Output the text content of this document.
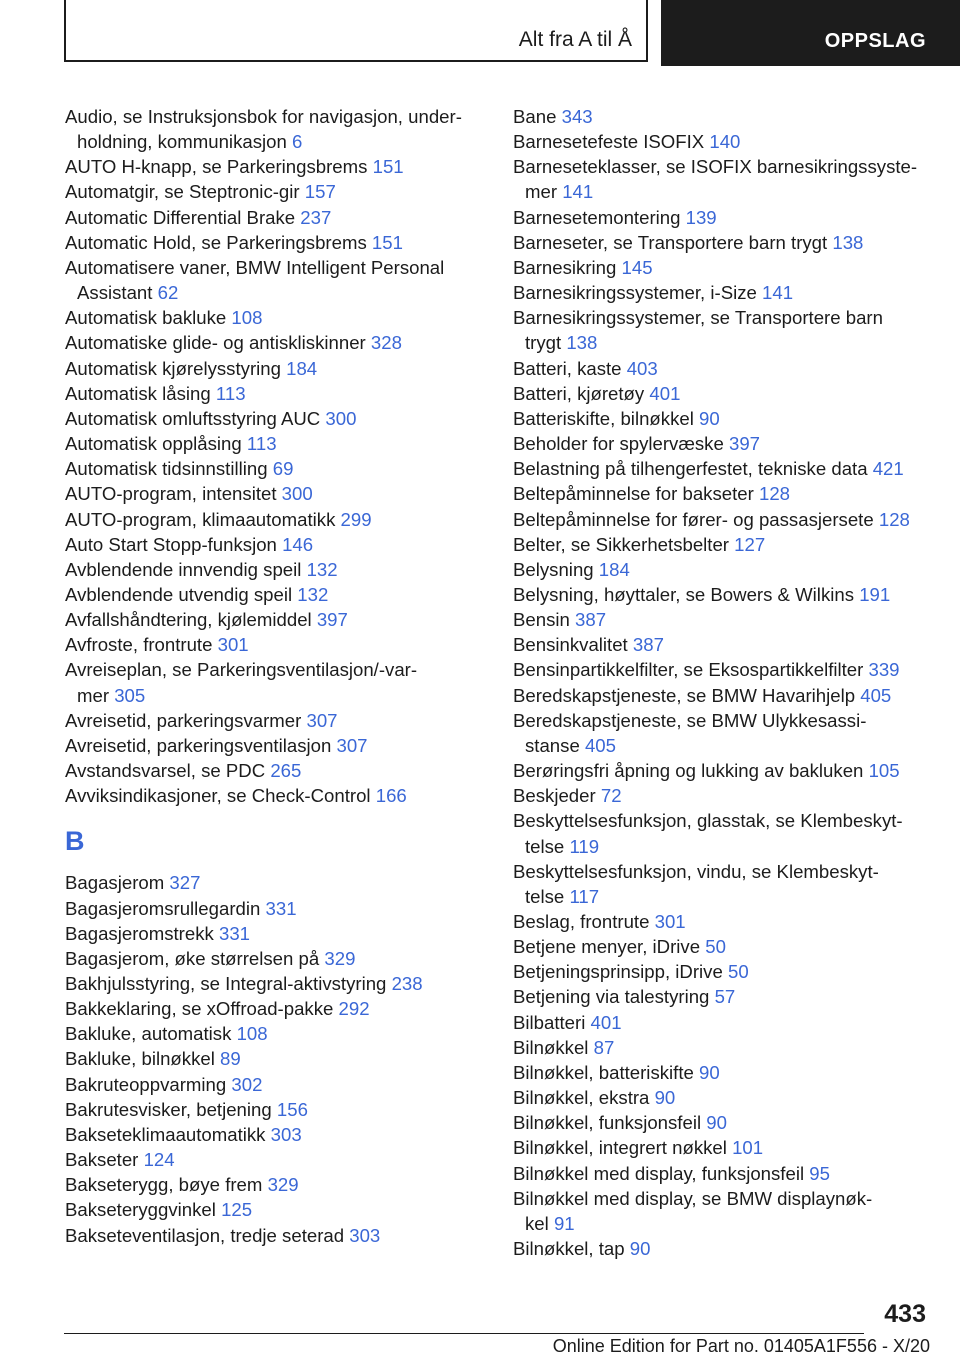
Alt fra A til Å	OPPSLAG
Audio, se Instruksjonsbok for navigasjon, under-
holdning, kommunikasjon 6
AUTO H-knapp, se Parkeringsbrems 151
Automatgir, se Steptronic-gir 157
Automatic Differential Brake 237
Automatic Hold, se Parkeringsbrems 151
Automatisere vaner, BMW Intelligent Personal
Assistant 62
Automatisk bakluke 108
Automatiske glide- og antiskliskinner 328
Automatisk kjørelysstyring 184
Automatisk låsing 113
Automatisk omluftsstyring AUC 300
Automatisk opplåsing 113
Automatisk tidsinnstilling 69
AUTO-program, intensitet 300
AUTO-program, klimaautomatikk 299
Auto Start Stopp-funksjon 146
Avblendende innvendig speil 132
Avblendende utvendig speil 132
Avfallshåndtering, kjølemiddel 397
Avfroste, frontrute 301
Avreiseplan, se Parkeringsventilasjon/-var-
mer 305
Avreisetid, parkeringsvarmer 307
Avreisetid, parkeringsventilasjon 307
Avstandsvarsel, se PDC 265
Avviksindikasjoner, se Check-Control 166
B
Bagasjerom 327
Bagasjeromsrullegardin 331
Bagasjeromstrekk 331
Bagasjerom, øke størrelsen på 329
Bakhjulsstyring, se Integral-aktivstyring 238
Bakkeklaring, se xOffroad-pakke 292
Bakluke, automatisk 108
Bakluke, bilnøkkel 89
Bakruteoppvarming 302
Bakrutesvisker, betjening 156
Bakseteklimaautomatikk 303
Bakseter 124
Bakseterygg, bøye frem 329
Bakseteryggvinkel 125
Bakseteventilasjon, tredje seterad 303
Bane 343
Barnesetefeste ISOFIX 140
Barneseteklasser, se ISOFIX barnesikringssyste-
mer 141
Barnesetemontering 139
Barneseter, se Transportere barn trygt 138
Barnesikring 145
Barnesikringssystemer, i-Size 141
Barnesikringssystemer, se Transportere barn
trygt 138
Batteri, kaste 403
Batteri, kjøretøy 401
Batteriskifte, bilnøkkel 90
Beholder for spylervæske 397
Belastning på tilhengerfestet, tekniske data 421
Beltepåminnelse for bakseter 128
Beltepåminnelse for fører- og passasjersete 128
Belter, se Sikkerhetsbelter 127
Belysning 184
Belysning, høyttaler, se Bowers & Wilkins 191
Bensin 387
Bensinkvalitet 387
Bensinpartikkelfilter, se Eksospartikkelfilter 339
Beredskapstjeneste, se BMW Havarihjelp 405
Beredskapstjeneste, se BMW Ulykkesassi-
stanse 405
Berøringsfri åpning og lukking av bakluken 105
Beskjeder 72
Beskyttelsesfunksjon, glasstak, se Klembeskyt-
telse 119
Beskyttelsesfunksjon, vindu, se Klembeskyt-
telse 117
Beslag, frontrute 301
Betjene menyer, iDrive 50
Betjeningsprinsipp, iDrive 50
Betjening via talestyring 57
Bilbatteri 401
Bilnøkkel 87
Bilnøkkel, batteriskifte 90
Bilnøkkel, ekstra 90
Bilnøkkel, funksjonsfeil 90
Bilnøkkel, integrert nøkkel 101
Bilnøkkel med display, funksjonsfeil 95
Bilnøkkel med display, se BMW displaynøk-
kel 91
Bilnøkkel, tap 90
433
Online Edition for Part no. 01405A1F556 - X/20
